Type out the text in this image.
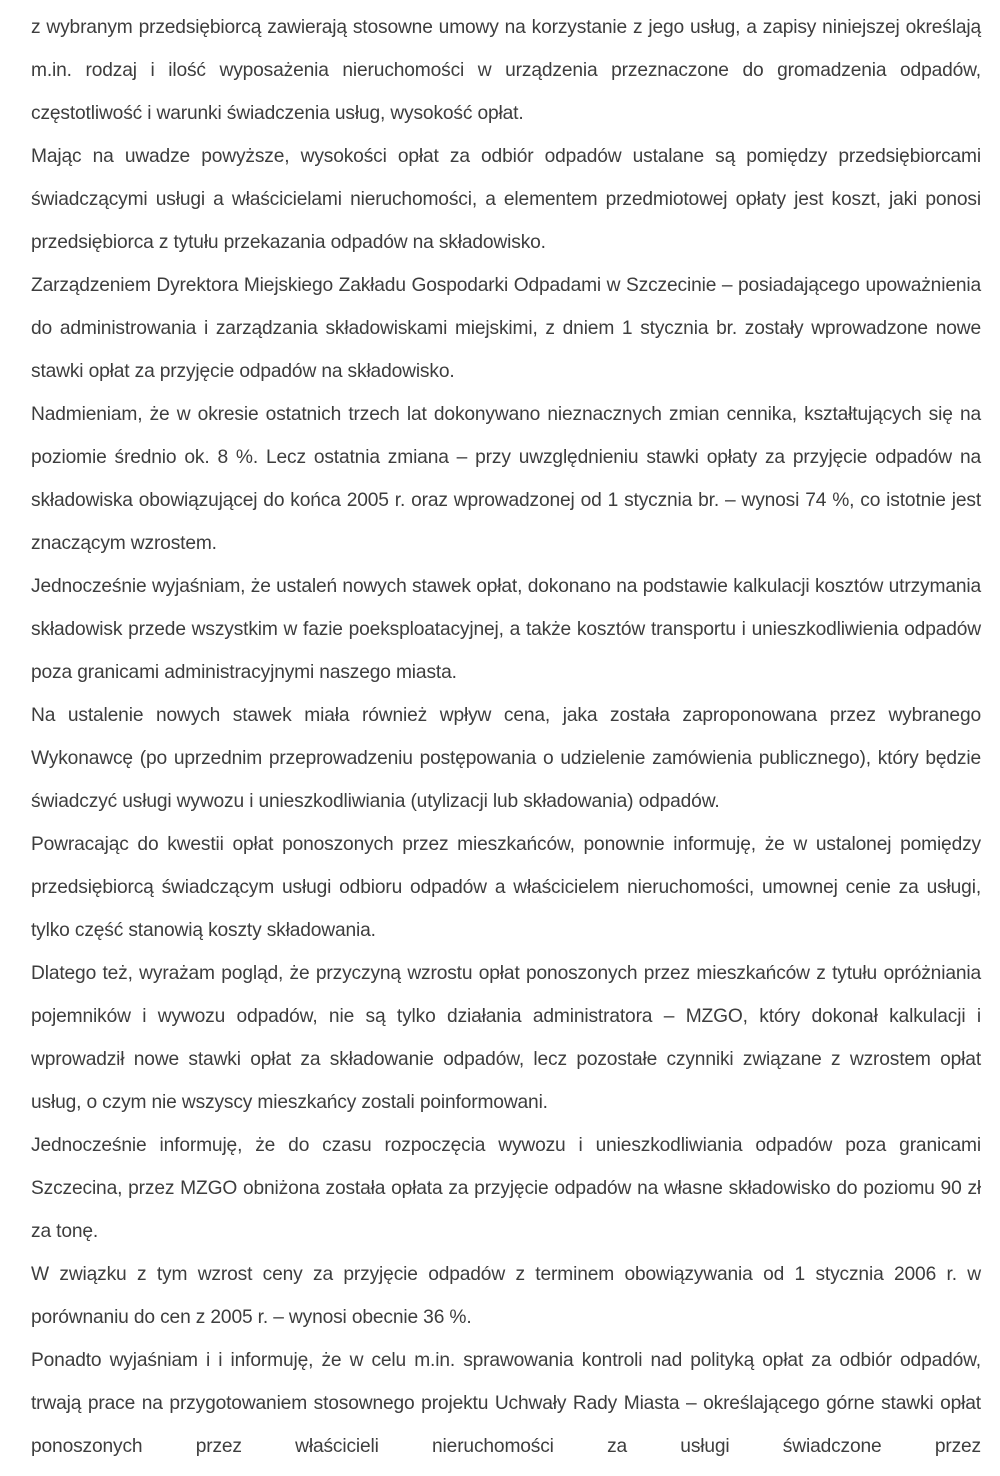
z wybranym przedsiębiorcą zawierają stosowne umowy na korzystanie z jego usług, a zapisy niniejszej określają m.in. rodzaj i ilość wyposażenia nieruchomości w urządzenia przeznaczone do gromadzenia odpadów, częstotliwość i warunki świadczenia usług, wysokość opłat.

Mając na uwadze powyższe, wysokości opłat za odbiór odpadów ustalane są pomiędzy przedsiębiorcami świadczącymi usługi a właścicielami nieruchomości, a elementem przedmiotowej opłaty jest koszt, jaki ponosi przedsiębiorca z tytułu przekazania odpadów na składowisko.

Zarządzeniem Dyrektora Miejskiego Zakładu Gospodarki Odpadami w Szczecinie – posiadającego upoważnienia do administrowania i zarządzania składowiskami miejskimi, z dniem 1 stycznia br. zostały wprowadzone nowe stawki opłat za przyjęcie odpadów na składowisko.

Nadmieniam, że w okresie ostatnich trzech lat dokonywano nieznacznych zmian cennika, kształtujących się na poziomie średnio ok. 8 %. Lecz ostatnia zmiana – przy uwzględnieniu stawki opłaty za przyjęcie odpadów na składowiska obowiązującej do końca 2005 r. oraz wprowadzonej od 1 stycznia br. – wynosi 74 %, co istotnie jest znaczącym wzrostem.

Jednocześnie wyjaśniam, że ustaleń nowych stawek opłat, dokonano na podstawie kalkulacji kosztów utrzymania składowisk przede wszystkim w fazie poeksploatacyjnej, a także kosztów transportu i unieszkodliwienia odpadów poza granicami administracyjnymi naszego miasta.

Na ustalenie nowych stawek miała również wpływ cena, jaka została zaproponowana przez wybranego Wykonawcę (po uprzednim przeprowadzeniu postępowania o udzielenie zamówienia publicznego), który będzie świadczyć usługi wywozu i unieszkodliwiania (utylizacji lub składowania) odpadów.

Powracając do kwestii opłat ponoszonych przez mieszkańców, ponownie informuję, że w ustalonej pomiędzy przedsiębiorcą świadczącym usługi odbioru odpadów a właścicielem nieruchomości, umownej cenie za usługi, tylko część stanowią koszty składowania.

Dlatego też, wyrażam pogląd, że przyczyną wzrostu opłat ponoszonych przez mieszkańców z tytułu opróżniania pojemników i wywozu odpadów, nie są tylko działania administratora – MZGO, który dokonał kalkulacji i wprowadził nowe stawki opłat za składowanie odpadów, lecz pozostałe czynniki związane z wzrostem opłat usług, o czym nie wszyscy mieszkańcy zostali poinformowani.

Jednocześnie informuję, że do czasu rozpoczęcia wywozu i unieszkodliwiania odpadów poza granicami Szczecina, przez MZGO obniżona została opłata za przyjęcie odpadów na własne składowisko do poziomu 90 zł za tonę.

W związku z tym wzrost ceny za przyjęcie odpadów z terminem obowiązywania od 1 stycznia 2006 r. w porównaniu do cen z 2005 r. – wynosi obecnie 36 %.

Ponadto wyjaśniam i i informuję, że w celu m.in. sprawowania kontroli nad polityką opłat za odbiór odpadów, trwają prace na przygotowaniem stosownego projektu Uchwały Rady Miasta – określającego górne stawki opłat ponoszonych przez właścicieli nieruchomości za usługi świadczone przez
